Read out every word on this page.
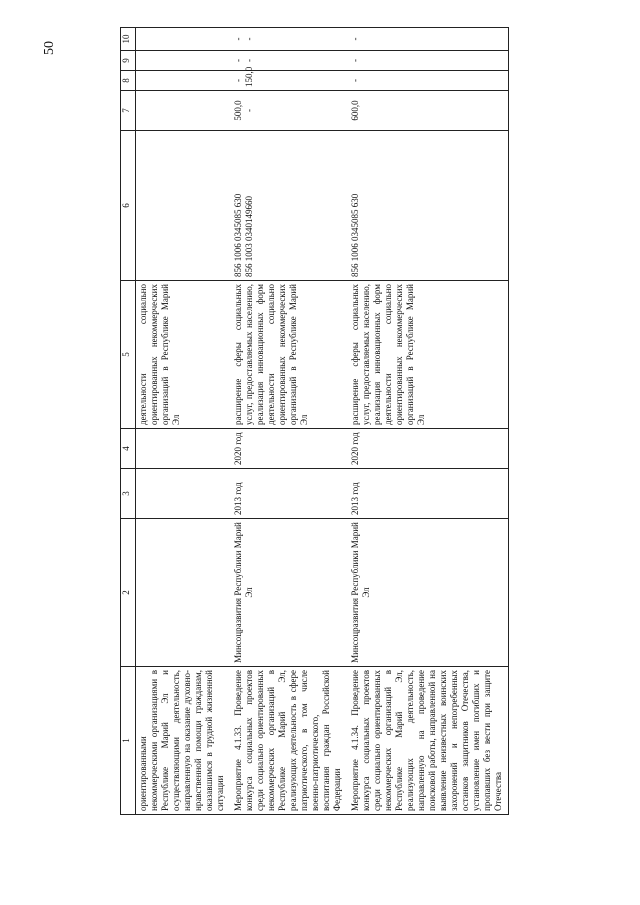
50
1	2	3	4	5	6	7	8	9	10
ориентированными некоммерческими организациями в Республике Марий Эл и осуществляющими деятельность, направленную на оказание духовно-нравственной помощи гражданам, оказавшимся в трудной жизненной ситуации				деятельности социально ориентированных некоммерческих организаций в Республике Марий Эл					
Мероприятие 4.1.33. Проведение конкурса социальных проектов среди социально ориентированных некоммерческих организаций в Республике Марий Эл, реализующих деятельность в сфере патриотического, в том числе военно-патриотического, воспитания граждан Российской Федерации	Минсоцразвития Республики Марий Эл	2013 год	2020 год	расширение сферы социальных услуг, предоставляемых населению, реализация инновационных форм деятельности социально ориентированных некоммерческих организаций в Республике Марий Эл	856 1006 0345085 630 856 1003 0340149660	500,0 -	- 150,0	- -	- -

Мероприятие 4.1.34. Проведение конкурса социальных проектов среди социально ориентированных некоммерческих организаций в Республике Марий Эл, реализующих деятельность, направленную на проведение поисковой работы, направленной на выявление неизвестных воинских захоронений и непогребенных останков защитников Отечества, установление имен погибших и пропавших без вести при защите Отечества	Минсоцразвития Республики Марий Эл	2013 год	2020 год	расширение сферы социальных услуг, предоставляемых населению, реализация инновационных форм деятельности социально ориентированных некоммерческих организаций в Республике Марий Эл	856 1006 0345085 630	600,0	-	-	-
